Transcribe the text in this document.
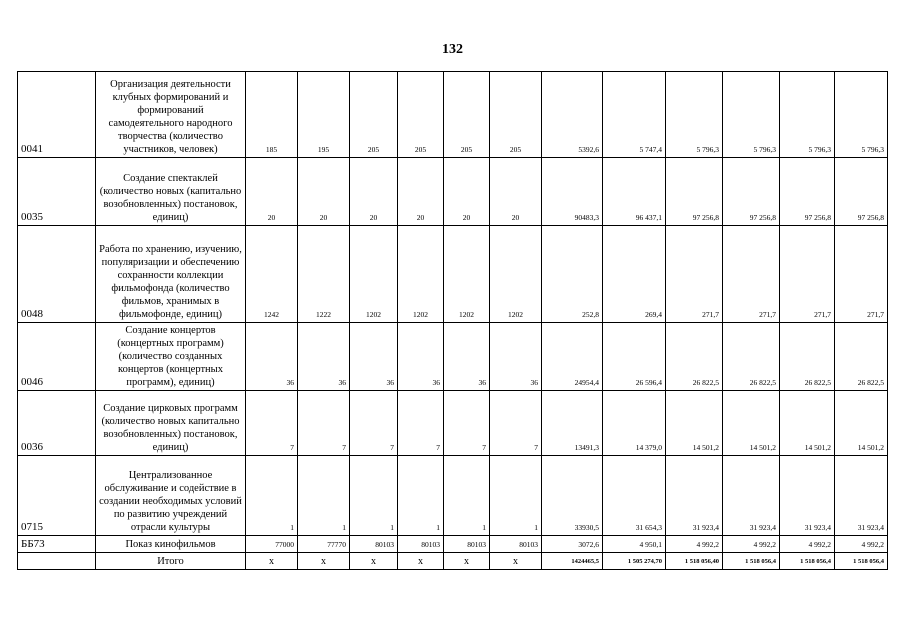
132
0041	Организация деятельности клубных формирований и формирований самодеятельного народного творчества (количество участников, человек)	185	195	205	205	205	205	5392,6	5 747,4	5 796,3	5 796,3	5 796,3	5 796,3
0035	Создание спектаклей (количество новых (капитально возобновленных) постановок, единиц)	20	20	20	20	20	20	90483,3	96 437,1	97 256,8	97 256,8	97 256,8	97 256,8
0048	Работа по хранению, изучению, популяризации и обеспечению сохранности коллекции фильмофонда (количество фильмов, хранимых в фильмофонде, единиц)	1242	1222	1202	1202	1202	1202	252,8	269,4	271,7	271,7	271,7	271,7
0046	Создание концертов (концертных программ) (количество созданных концертов (концертных программ), единиц)	36	36	36	36	36	36	24954,4	26 596,4	26 822,5	26 822,5	26 822,5	26 822,5
0036	Создание цирковых программ (количество новых капитально возобновленных) постановок, единиц)	7	7	7	7	7	7	13491,3	14 379,0	14 501,2	14 501,2	14 501,2	14 501,2
0715	Централизованное обслуживание и содействие в создании необходимых условий по развитию учреждений отрасли культуры	1	1	1	1	1	1	33930,5	31 654,3	31 923,4	31 923,4	31 923,4	31 923,4
ББ73	Показ кинофильмов	77000	77770	80103	80103	80103	80103	3072,6	4 950,1	4 992,2	4 992,2	4 992,2	4 992,2
	Итого	х	х	х	х	х	х	1424465,5	1 505 274,70	1 518 056,40	1 518 056,4	1 518 056,4	1 518 056,4
